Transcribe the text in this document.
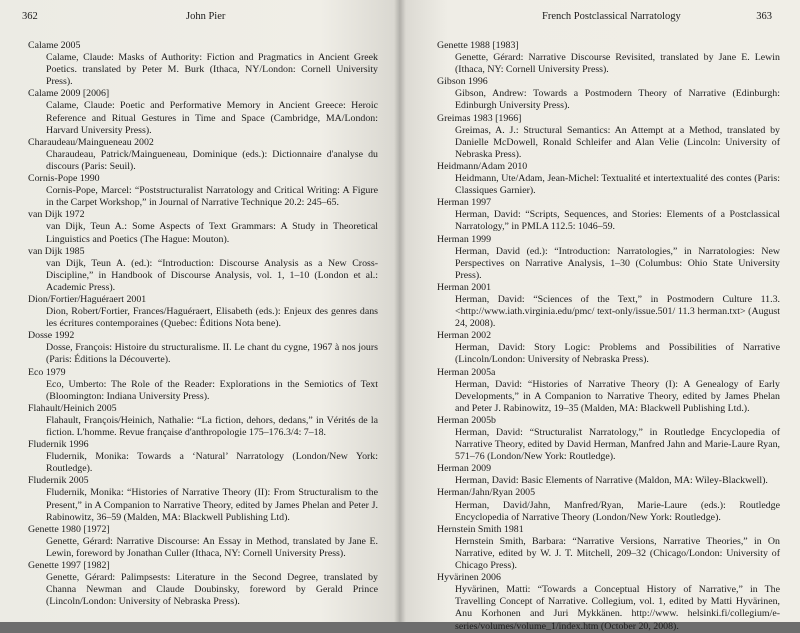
362	John Pier
Calame 2005
Calame, Claude: Masks of Authority: Fiction and Pragmatics in Ancient Greek Poetics. translated by Peter M. Burk (Ithaca, NY/London: Cornell University Press).
Calame 2009 [2006]
Calame, Claude: Poetic and Performative Memory in Ancient Greece: Heroic Reference and Ritual Gestures in Time and Space (Cambridge, MA/London: Harvard University Press).
Charaudeau/Maingueneau 2002
Charaudeau, Patrick/Maingueneau, Dominique (eds.): Dictionnaire d'analyse du discours (Paris: Seuil).
Cornis-Pope 1990
Cornis-Pope, Marcel: “Poststructuralist Narratology and Critical Writing: A Figure in the Carpet Workshop,” in Journal of Narrative Technique 20.2: 245–65.
van Dijk 1972
van Dijk, Teun A.: Some Aspects of Text Grammars: A Study in Theoretical Linguistics and Poetics (The Hague: Mouton).
van Dijk 1985
van Dijk, Teun A. (ed.): “Introduction: Discourse Analysis as a New Cross-Discipline,” in Handbook of Discourse Analysis, vol. 1, 1–10 (London et al.: Academic Press).
Dion/Fortier/Haguéraert 2001
Dion, Robert/Fortier, Frances/Haguéraert, Elisabeth (eds.): Enjeux des genres dans les écritures contemporaines (Quebec: Éditions Nota bene).
Dosse 1992
Dosse, François: Histoire du structuralisme. II. Le chant du cygne, 1967 à nos jours (Paris: Éditions la Découverte).
Eco 1979
Eco, Umberto: The Role of the Reader: Explorations in the Semiotics of Text (Bloomington: Indiana University Press).
Flahault/Heinich 2005
Flahault, François/Heinich, Nathalie: “La fiction, dehors, dedans,” in Vérités de la fiction. L'homme. Revue française d'anthropologie 175–176.3/4: 7–18.
Fludernik 1996
Fludernik, Monika: Towards a ‘Natural’ Narratology (London/New York: Routledge).
Fludernik 2005
Fludernik, Monika: “Histories of Narrative Theory (II): From Structuralism to the Present,” in A Companion to Narrative Theory, edited by James Phelan and Peter J. Rabinowitz, 36–59 (Malden, MA: Blackwell Publishing Ltd).
Genette 1980 [1972]
Genette, Gérard: Narrative Discourse: An Essay in Method, translated by Jane E. Lewin, foreword by Jonathan Culler (Ithaca, NY: Cornell University Press).
Genette 1997 [1982]
Genette, Gérard: Palimpsests: Literature in the Second Degree, translated by Channa Newman and Claude Doubinsky, foreword by Gerald Prince (Lincoln/London: University of Nebraska Press).
French Postclassical Narratology	363
Genette 1988 [1983]
Genette, Gérard: Narrative Discourse Revisited, translated by Jane E. Lewin (Ithaca, NY: Cornell University Press).
Gibson 1996
Gibson, Andrew: Towards a Postmodern Theory of Narrative (Edinburgh: Edinburgh University Press).
Greimas 1983 [1966]
Greimas, A. J.: Structural Semantics: An Attempt at a Method, translated by Danielle McDowell, Ronald Schleifer and Alan Velie (Lincoln: University of Nebraska Press).
Heidmann/Adam 2010
Heidmann, Ute/Adam, Jean-Michel: Textualité et intertextualité des contes (Paris: Classiques Garnier).
Herman 1997
Herman, David: “Scripts, Sequences, and Stories: Elements of a Postclassical Narratology,” in PMLA 112.5: 1046–59.
Herman 1999
Herman, David (ed.): “Introduction: Narratologies,” in Narratologies: New Perspectives on Narrative Analysis, 1–30 (Columbus: Ohio State University Press).
Herman 2001
Herman, David: “Sciences of the Text,” in Postmodern Culture 11.3. <http://www.iath.virginia.edu/pmc/ text-only/issue.501/ 11.3 herman.txt> (August 24, 2008).
Herman 2002
Herman, David: Story Logic: Problems and Possibilities of Narrative (Lincoln/London: University of Nebraska Press).
Herman 2005a
Herman, David: “Histories of Narrative Theory (I): A Genealogy of Early Developments,” in A Companion to Narrative Theory, edited by James Phelan and Peter J. Rabinowitz, 19–35 (Malden, MA: Blackwell Publishing Ltd.).
Herman 2005b
Herman, David: “Structuralist Narratology,” in Routledge Encyclopedia of Narrative Theory, edited by David Herman, Manfred Jahn and Marie-Laure Ryan, 571–76 (London/New York: Routledge).
Herman 2009
Herman, David: Basic Elements of Narrative (Maldon, MA: Wiley-Blackwell).
Herman/Jahn/Ryan 2005
Herman, David/Jahn, Manfred/Ryan, Marie-Laure (eds.): Routledge Encyclopedia of Narrative Theory (London/New York: Routledge).
Hernstein Smith 1981
Hernstein Smith, Barbara: “Narrative Versions, Narrative Theories,” in On Narrative, edited by W. J. T. Mitchell, 209–32 (Chicago/London: University of Chicago Press).
Hyvärinen 2006
Hyvärinen, Matti: “Towards a Conceptual History of Narrative,” in The Travelling Concept of Narrative. Collegium, vol. 1, edited by Matti Hyvärinen, Anu Korhonen and Juri Mykkänen. http://www. helsinki.fi/collegium/e-series/volumes/volume_1/index.htm (October 20, 2008).
